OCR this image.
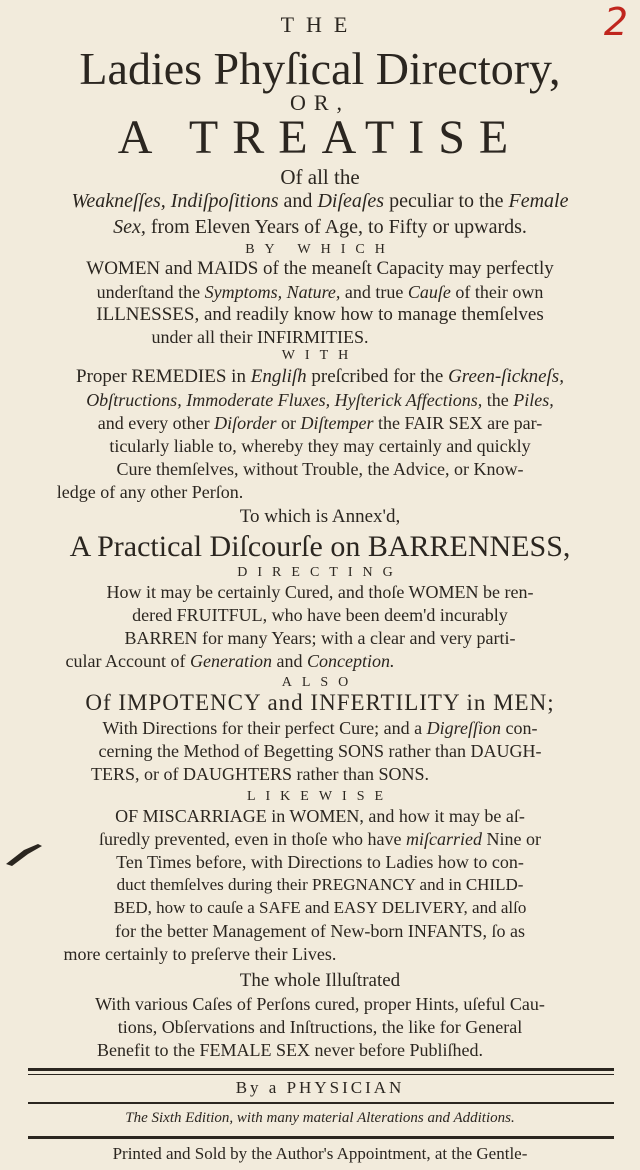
2
THE
Ladies Phyſical Directory,
OR,
A TREATISE
Of all the
Weakneſſes, Indiſpoſitions and Diſeaſes peculiar to the Female
Sex, from Eleven Years of Age, to Fifty or upwards.
BY WHICH
WOMEN and MAIDS of the meaneſt Capacity may perfectly
underſtand the Symptoms, Nature, and true Cauſe of their own
ILLNESSES, and readily know how to manage themſelves
under all their INFIRMITIES.
WITH
Proper REMEDIES in Engliſh preſcribed for the Green-ſickneſs,
Obſtructions, Immoderate Fluxes, Hyſterick Affections, the Piles,
and every other Diſorder or Diſtemper the FAIR SEX are par-
ticularly liable to, whereby they may certainly and quickly
Cure themſelves, without Trouble, the Advice, or Know-
ledge of any other Perſon.
To which is Annex'd,
A Practical Diſcourſe on BARRENNESS,
DIRECTING
How it may be certainly Cured, and thoſe WOMEN be ren-
dered FRUITFUL, who have been deem'd incurably
BARREN for many Years; with a clear and very parti-
cular Account of Generation and Conception.
ALSO
Of IMPOTENCY and INFERTILITY in MEN;
With Directions for their perfect Cure; and a Digreſſion con-
cerning the Method of Begetting SONS rather than DAUGH-
TERS, or of DAUGHTERS rather than SONS.
LIKEWISE
OF MISCARRIAGE in WOMEN, and how it may be aſ-
ſuredly prevented, even in thoſe who have miſcarried Nine or
Ten Times before, with Directions to Ladies how to con-
duct themſelves during their PREGNANCY and in CHILD-
BED, how to cauſe a SAFE and EASY DELIVERY, and alſo
for the better Management of New-born INFANTS, ſo as
more certainly to preſerve their Lives.
The whole Illuſtrated
With various Caſes of Perſons cured, proper Hints, uſeful Cau-
tions, Obſervations and Inſtructions, the like for General
Benefit to the FEMALE SEX never before Publiſhed.
By a PHYSICIAN
The Sixth Edition, with many material Alterations and Additions.
Printed and Sold by the Author's Appointment, at the Gentle-
